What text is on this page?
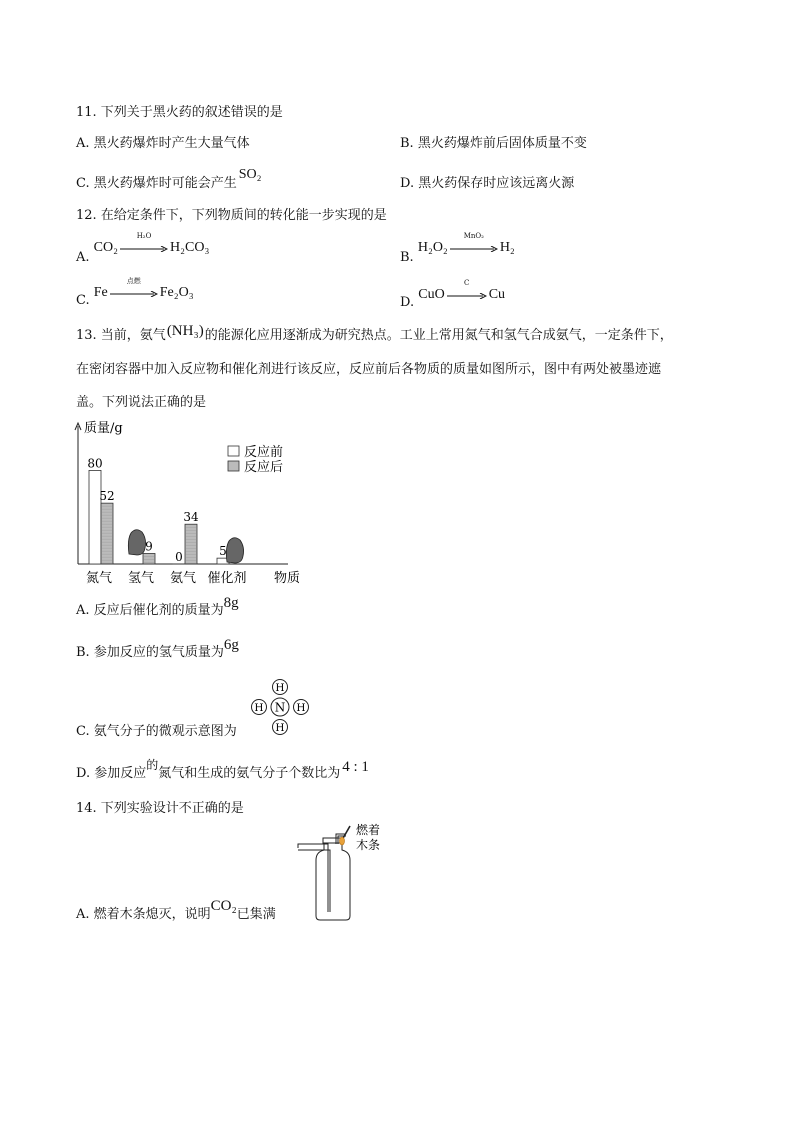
11. 下列关于黑火药的叙述错误的是
A. 黑火药爆炸时产生大量气体	B. 黑火药爆炸前后固体质量不变
C. 黑火药爆炸时可能会产生SO₂
D. 黑火药保存时应该远离火源
12. 在给定条件下，下列物质间的转化能一步实现的是
A. CO₂
H₂O
H₂CO₃
B. H₂O₂
MnO₂
H₂
C. Fe
点燃
Fe₂O₃
D. CuO
C
Cu
13. 当前，氨气(NH₃)的能源化应用逐渐成为研究热点。工业上常用氮气和氢气合成氨气，一定条件下，
在密闭容器中加入反应物和催化剂进行该反应，反应前后各物质的质量如图所示，图中有两处被墨迹遮
盖。下列说法正确的是
质量/g
物质
氮气 氢气 氨气 催化剂
80
0	5
52
9
34
反应前
反应后
A. 反应后催化剂的质量为8g
B. 参加反应的氢气质量为6g
C. 氨气分子的微观示意图为
N
H
H	H
H
D. 参加反应的氮气和生成的氨气分子个数比为 4 : 1
14. 下列实验设计不正确的是
燃着
木条
A. 燃着木条熄灭，说明CO₂已集满
